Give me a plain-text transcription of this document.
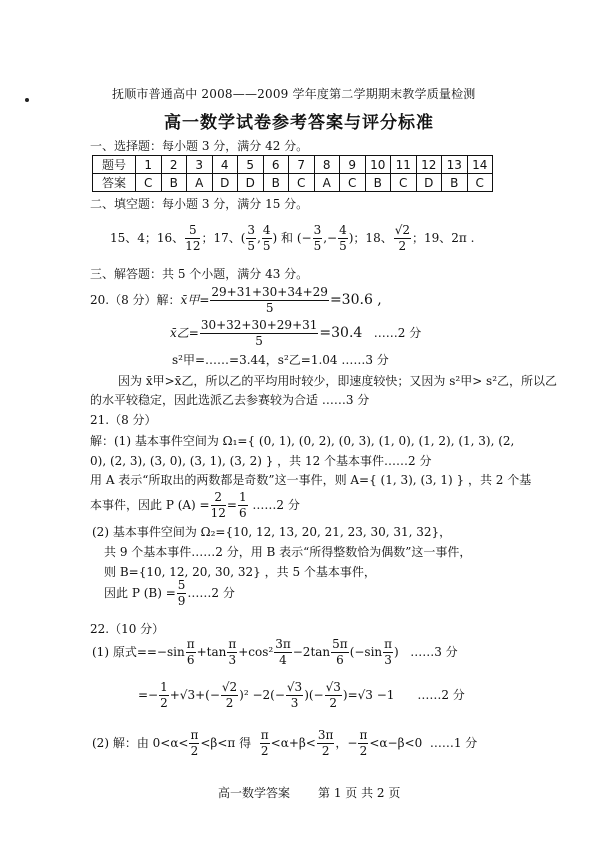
抚顺市普通高中 2008——2009 学年度第二学期期末教学质量检测
高一数学试卷参考答案与评分标准
一、选择题：每小题 3 分，满分 42 分。
题号	1	2	3	4	5	6	7	8	9	10	11	12	13	14
答案	C	B	A	D	D	B	C	A	C	B	C	D	B	C
二、填空题：每小题 3 分，满分 15 分。
15、4；16、 $\frac{5}{12}$ ；17、( $\frac{3}{5}$ , $\frac{4}{5}$ ) 和 (− $\frac{3}{5}$ ,− $\frac{4}{5}$ )；18、 $\frac{√2}{2}$ ；19、2π .
三、解答题：共 5 个小题，满分 43 分。
20.（8 分）解：x̄甲= $\frac{29+31+30+34+29}{5} =30.6$ ,
x̄乙= $\frac{30+32+30+29+31}{5} =30.4$ ……2 分
s²甲=……=3.44，s²乙=1.04 ……3 分
因为 x̄甲>x̄乙，所以乙的平均用时较少，即速度较快；又因为 s²甲> s²乙，所以乙
的水平较稳定，因此选派乙去参赛较为合适 ……3 分
21.（8 分）
解：(1) 基本事件空间为 Ω₁={ (0, 1), (0, 2), (0, 3), (1, 0), (1, 2), (1, 3), (2,
0), (2, 3), (3, 0), (3, 1), (3, 2) } ，共 12 个基本事件……2 分
用 A 表示“所取出的两数都是奇数”这一事件，则 A={ (1, 3), (3, 1) } ，共 2 个基
本事件，因此 P $(A) = \frac{2}{12} = \frac{1}{6}$ ……2 分
(2) 基本事件空间为 Ω₂={10, 12, 13, 20, 21, 23, 30, 31, 32}，
共 9 个基本事件……2 分，用 B 表示“所得整数恰为偶数”这一事件，
则 B={10, 12, 20, 30, 32} ，共 5 个基本事件，
因此 P $(B) = \frac{5}{9}$ ……2 分
22.（10 分）
(1) 原式$==-\sin \frac{\pi}{6} +\tan \frac{\pi}{3} +\cos^2 \frac{3\pi}{4} -2\tan \frac{5\pi}{6} (-\sin \frac{\pi}{3}$ ) ……3 分
=− $\frac{1}{2} +√3+(- \frac{√2}{2} )^2 -2(- \frac{√3}{3}$ )(− $\frac{√3}{2} )=√3 -1$ ……2 分
(2) 解：由 $0<\alpha< \frac{\pi}{2} <\beta<\pi$ 得 $\frac{\pi}{2} <\alpha+\beta< \frac{3\pi}{2}$ ，− $\frac{\pi}{2} <\alpha-\beta<0$ ……1 分
高一数学答案 第 1 页 共 2 页
